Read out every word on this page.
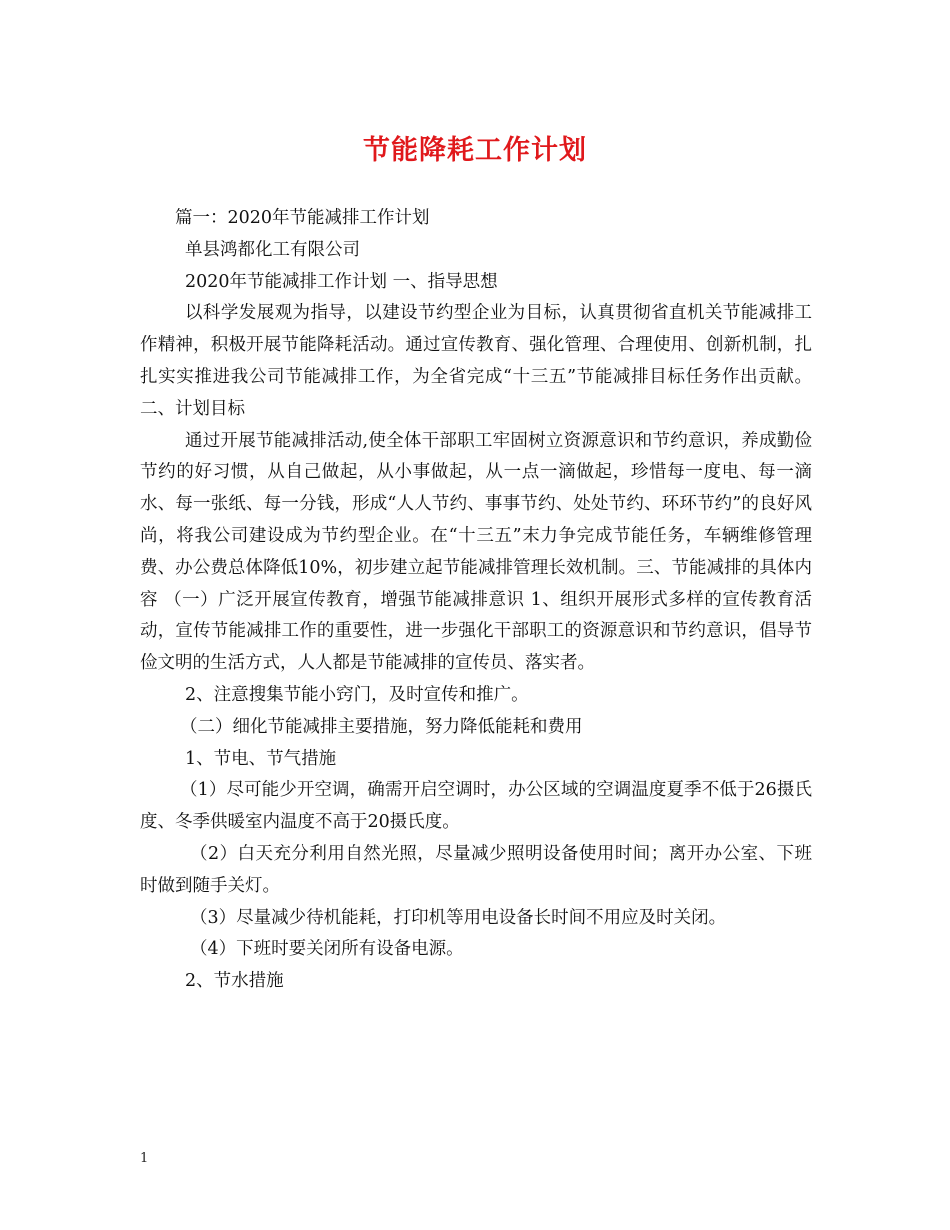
节能降耗工作计划

篇一：2020年节能减排工作计划

单县鸿都化工有限公司

2020年节能减排工作计划 一、指导思想

以科学发展观为指导，以建设节约型企业为目标，认真贯彻省直机关节能减排工作精神，积极开展节能降耗活动。通过宣传教育、强化管理、合理使用、创新机制，扎扎实实推进我公司节能减排工作，为全省完成“十三五”节能减排目标任务作出贡献。 二、计划目标

通过开展节能减排活动,使全体干部职工牢固树立资源意识和节约意识，养成勤俭节约的好习惯，从自己做起，从小事做起，从一点一滴做起，珍惜每一度电、每一滴水、每一张纸、每一分钱，形成“人人节约、事事节约、处处节约、环环节约”的良好风尚，将我公司建设成为节约型企业。在“十三五”末力争完成节能任务，车辆维修管理费、办公费总体降低10%，初步建立起节能减排管理长效机制。三、节能减排的具体内容 （一）广泛开展宣传教育，增强节能减排意识 1、组织开展形式多样的宣传教育活动，宣传节能减排工作的重要性，进一步强化干部职工的资源意识和节约意识，倡导节俭文明的生活方式，人人都是节能减排的宣传员、落实者。

2、注意搜集节能小窍门，及时宣传和推广。

（二）细化节能减排主要措施，努力降低能耗和费用

1、节电、节气措施

（1）尽可能少开空调，确需开启空调时，办公区域的空调温度夏季不低于26摄氏度、冬季供暖室内温度不高于20摄氏度。

（2）白天充分利用自然光照，尽量减少照明设备使用时间；离开办公室、下班时做到随手关灯。

（3）尽量减少待机能耗，打印机等用电设备长时间不用应及时关闭。

（4）下班时要关闭所有设备电源。

2、节水措施

1
